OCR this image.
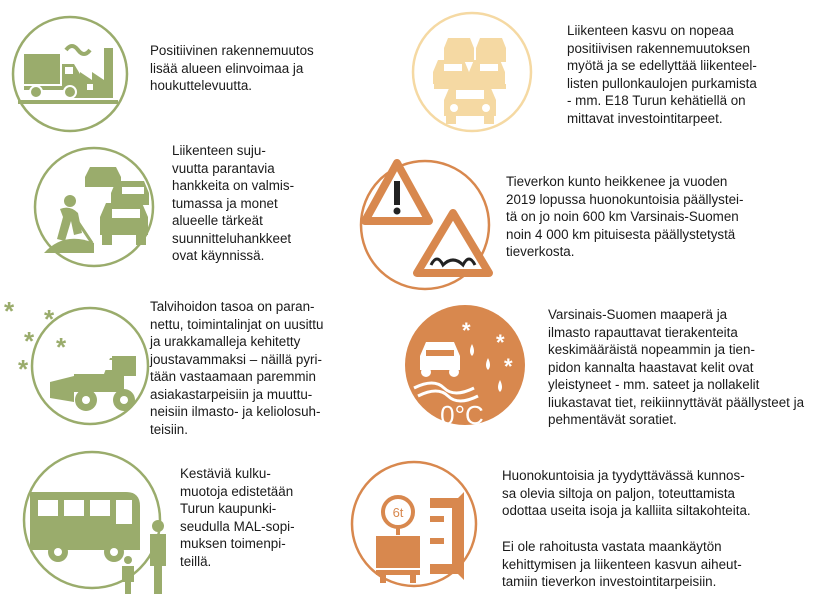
* *
* *
*
* *
*
0°C
6t

Positiivinen rakennemuutos
lisää alueen elinvoimaa ja
houkuttelevuutta.

Liikenteen kasvu on nopeaa
positiivisen rakennemuutoksen
myötä ja se edellyttää liikenteel-
listen pullonkaulojen purkamista
- mm. E18 Turun kehätiellä on
mittavat investointitarpeet.

Liikenteen suju-
vuutta parantavia
hankkeita on valmis-
tumassa ja monet
alueelle tärkeät
suunnitteluhankkeet
ovat käynnissä.

Tieverkon kunto heikkenee ja vuoden
2019 lopussa huonokuntoisia päällystei-
tä on jo noin 600 km Varsinais-Suomen
noin 4 000 km pituisesta päällystetystä
tieverkosta.

Talvihoidon tasoa on paran-
nettu, toimintalinjat on uusittu
ja urakkamalleja kehitetty
joustavammaksi – näillä pyri-
tään vastaamaan paremmin
asiakastarpeisiin ja muuttu-
neisiin ilmasto- ja keliolosuh-
teisiin.

Varsinais-Suomen maaperä ja
ilmasto rapauttavat tierakenteita
keskimääräistä nopeammin ja tien-
pidon kannalta haastavat kelit ovat
yleistyneet - mm. sateet ja nollakelit
liukastavat tiet, reikiinnyttävät päällysteet ja pehmentävät soratiet.

Kestäviä kulku-
muotoja edistetään
Turun kaupunki-
seudulla MAL-sopi-
muksen toimenpi-
teillä.

Huonokuntoisia ja tyydyttävässä kunnos-
sa olevia siltoja on paljon, toteuttamista
odottaa useita isoja ja kalliita siltakohteita.

Ei ole rahoitusta vastata maankäytön
kehittymisen ja liikenteen kasvun aiheut-
tamiin tieverkon investointitarpeisiin.
